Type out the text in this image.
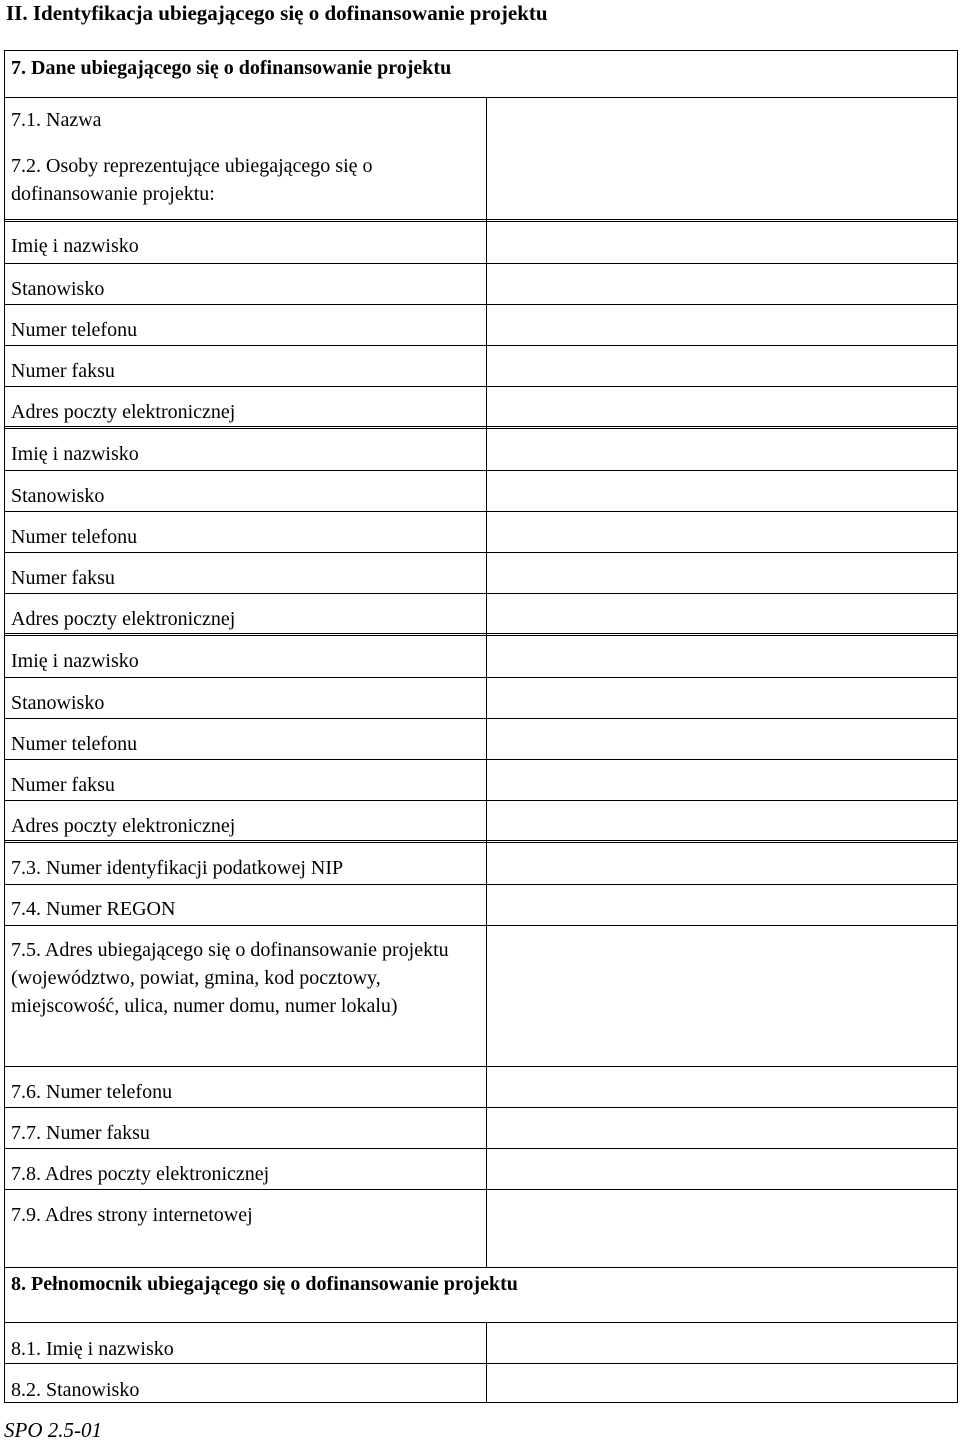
II. Identyfikacja ubiegającego się o dofinansowanie projektu
7. Dane ubiegającego się o dofinansowanie projektu
7.1. Nazwa
7.2. Osoby reprezentujące ubiegającego się o dofinansowanie projektu:
Imię i nazwisko
Stanowisko
Numer telefonu
Numer faksu
Adres poczty elektronicznej
Imię i nazwisko
Stanowisko
Numer telefonu
Numer faksu
Adres poczty elektronicznej
Imię i nazwisko
Stanowisko
Numer telefonu
Numer faksu
Adres poczty elektronicznej
7.3. Numer identyfikacji podatkowej NIP
7.4. Numer REGON
7.5. Adres ubiegającego się o dofinansowanie projektu (województwo, powiat, gmina, kod pocztowy, miejscowość, ulica, numer domu, numer lokalu)
7.6. Numer telefonu
7.7. Numer faksu
7.8. Adres poczty elektronicznej
7.9. Adres strony internetowej
8. Pełnomocnik ubiegającego się o dofinansowanie projektu
8.1. Imię i nazwisko
8.2. Stanowisko
SPO 2.5-01
